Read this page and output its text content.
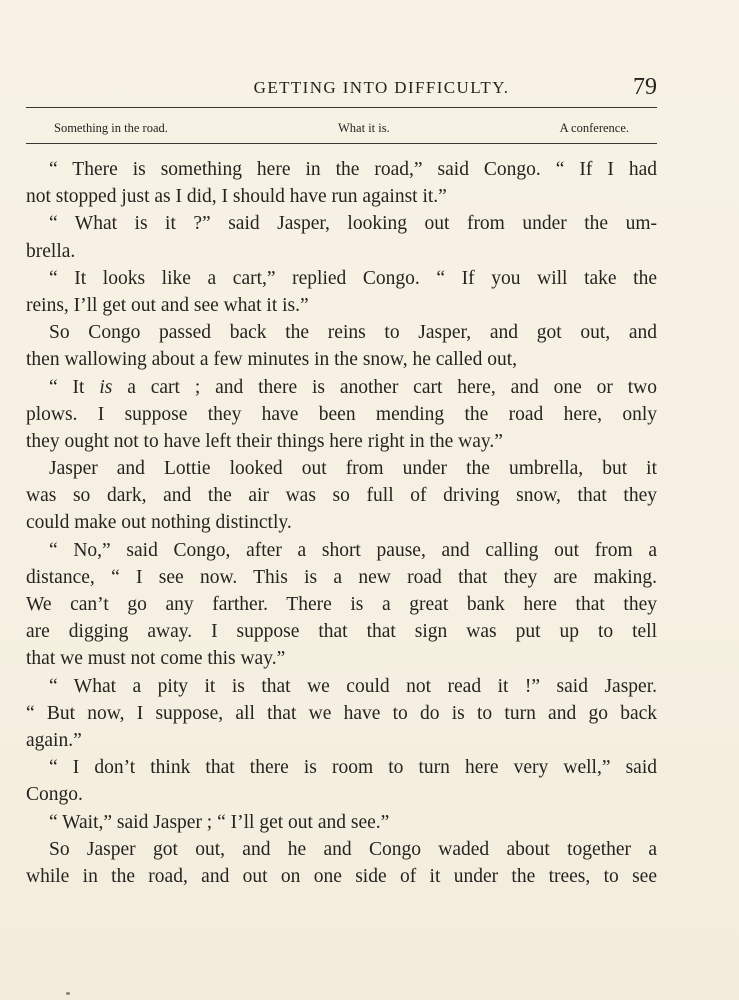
GETTING INTO DIFFICULTY.	79
Something in the road.	What it is.	A conference.
“ There is something here in the road,” said Congo. “ If I had
not stopped just as I did, I should have run against it.”
“ What is it ?” said Jasper, looking out from under the um-
brella.
“ It looks like a cart,” replied Congo. “ If you will take the
reins, I’ll get out and see what it is.”
So Congo passed back the reins to Jasper, and got out, and
then wallowing about a few minutes in the snow, he called out,
“ It is a cart ; and there is another cart here, and one or two
plows. I suppose they have been mending the road here, only
they ought not to have left their things here right in the way.”
Jasper and Lottie looked out from under the umbrella, but it
was so dark, and the air was so full of driving snow, that they
could make out nothing distinctly.
“ No,” said Congo, after a short pause, and calling out from a
distance, “ I see now. This is a new road that they are making.
We can’t go any farther. There is a great bank here that they
are digging away. I suppose that that sign was put up to tell
that we must not come this way.”
“ What a pity it is that we could not read it !” said Jasper.
“ But now, I suppose, all that we have to do is to turn and go back
again.”
“ I don’t think that there is room to turn here very well,” said
Congo.
“ Wait,” said Jasper ; “ I’ll get out and see.”
So Jasper got out, and he and Congo waded about together a
while in the road, and out on one side of it under the trees, to see
